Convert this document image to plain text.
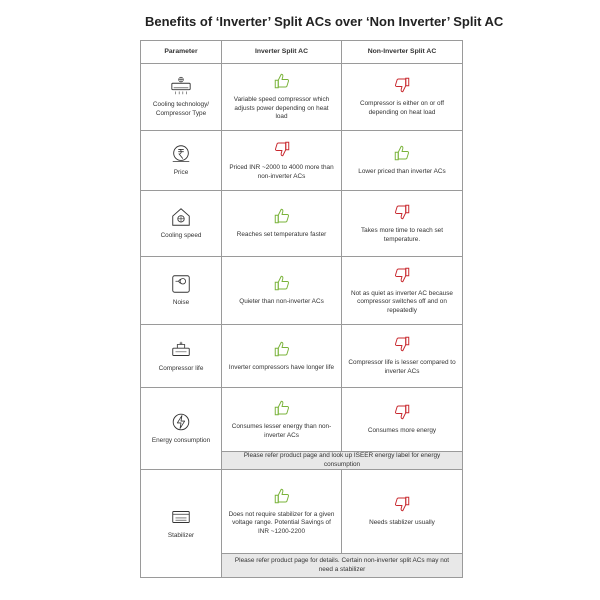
Benefits of ‘Inverter’ Split ACs over ‘Non Inverter’ Split AC
Parameter	Inverter Split AC	Non-Inverter Split AC

Cooling technology/ Compressor Type	Variable speed compressor which adjusts power depending on heat load	Compressor is either on or off depending on heat load

Price	Priced INR ~2000 to 4000 more than non-inverter ACs	Lower priced than inverter ACs

Cooling speed	Reaches set temperature faster	Takes more time to reach set temperature.

Noise	Quieter than non-inverter ACs	Not as quiet as inverter AC because compressor switches off and on repeatedly

Compressor life	Inverter compressors have longer life	Compressor life is lesser compared to inverter ACs

Energy consumption	Consumes lesser energy than non-inverter ACs	Consumes more energy

	Please refer product page and look up ISEER energy label for energy consumption	

Stabilizer	Does not require stabilizer for a given voltage range. Potential Savings of INR ~1200-2200	Needs stablizer usually

	Please refer product page for details. Certain non-inverter split ACs may not need a stabilizer	
